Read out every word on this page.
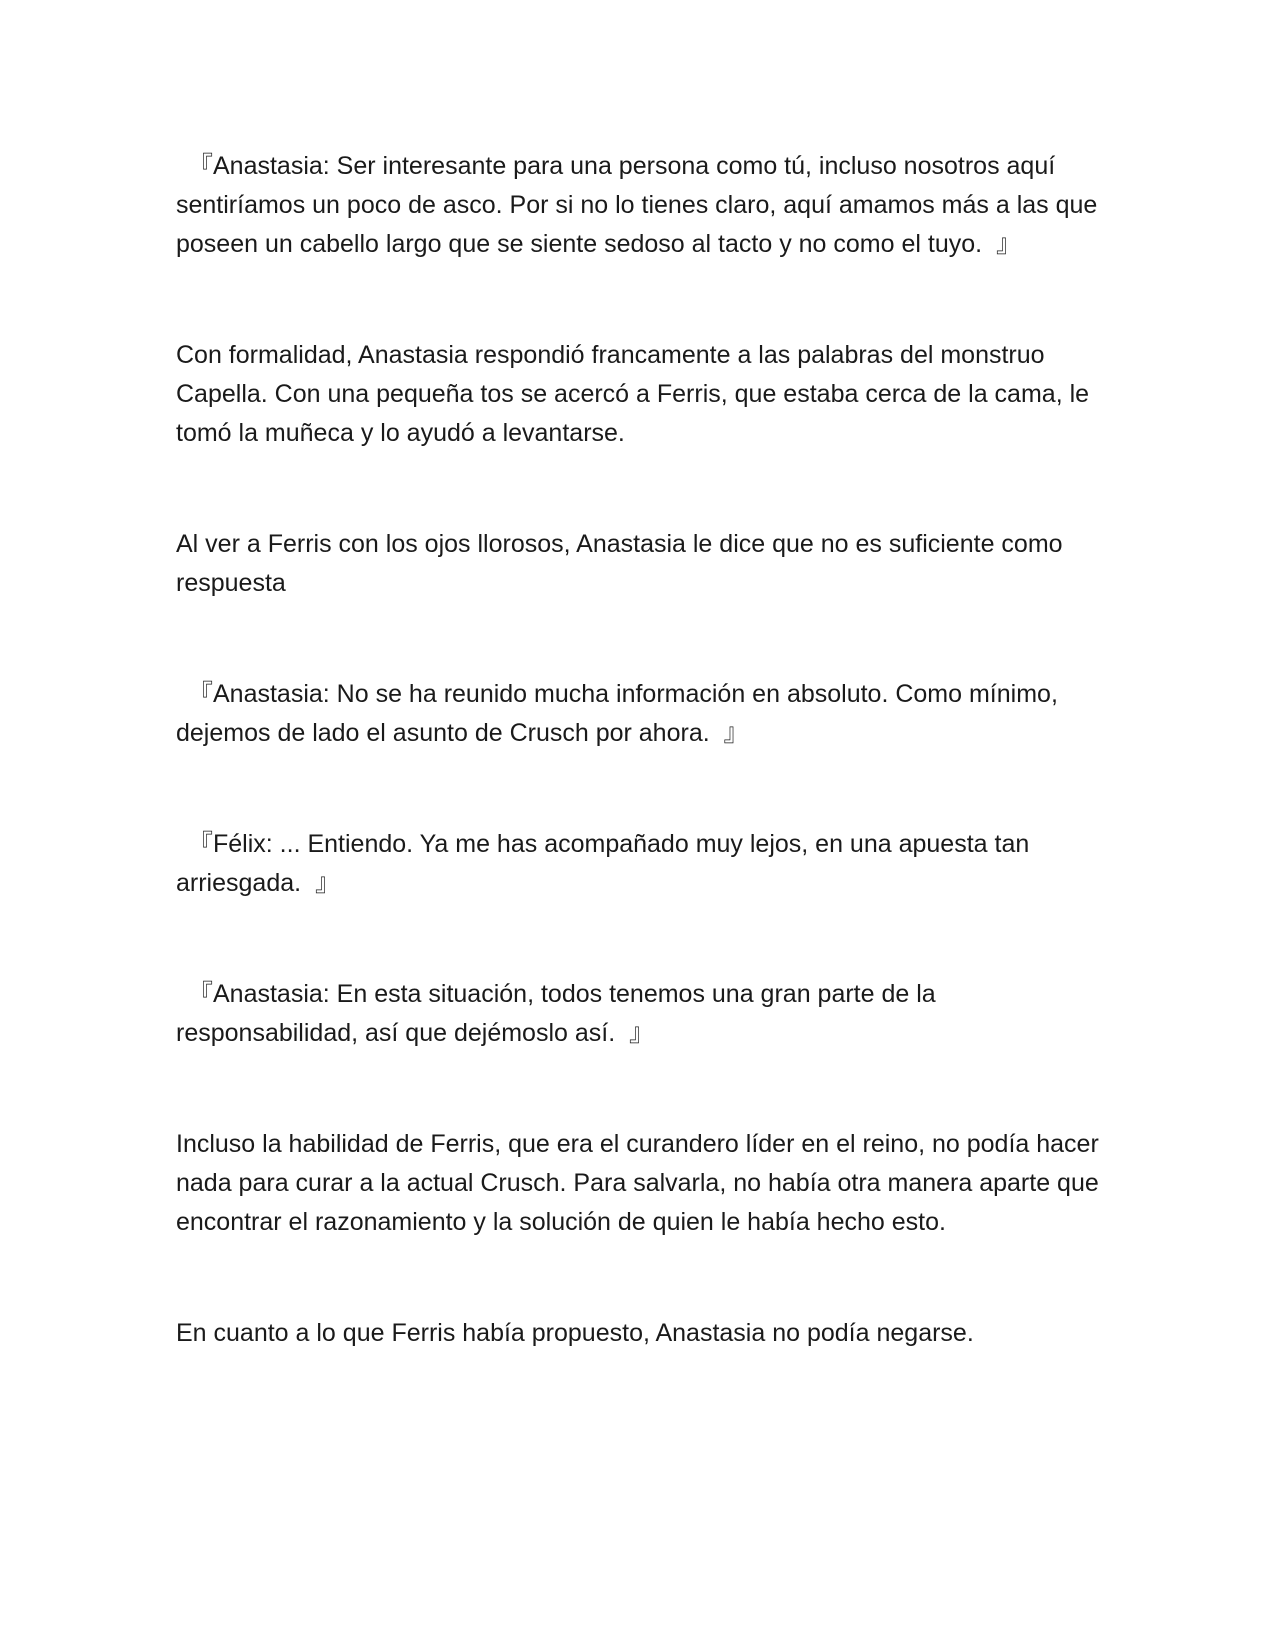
『Anastasia: Ser interesante para una persona como tú, incluso nosotros aquí sentiríamos un poco de asco. Por si no lo tienes claro, aquí amamos más a las que poseen un cabello largo que se siente sedoso al tacto y no como el tuyo.  』

Con formalidad, Anastasia respondió francamente a las palabras del monstruo Capella. Con una pequeña tos se acercó a Ferris, que estaba cerca de la cama, le tomó la muñeca y lo ayudó a levantarse.

Al ver a Ferris con los ojos llorosos, Anastasia le dice que no es suficiente como respuesta

『Anastasia: No se ha reunido mucha información en absoluto. Como mínimo, dejemos de lado el asunto de Crusch por ahora.  』

『Félix: ... Entiendo. Ya me has acompañado muy lejos, en una apuesta tan arriesgada.  』

『Anastasia: En esta situación, todos tenemos una gran parte de la responsabilidad, así que dejémoslo así.  』

Incluso la habilidad de Ferris, que era el curandero líder en el reino, no podía hacer nada para curar a la actual Crusch. Para salvarla, no había otra manera aparte que encontrar el razonamiento y la solución de quien le había hecho esto.

En cuanto a lo que Ferris había propuesto, Anastasia no podía negarse.
